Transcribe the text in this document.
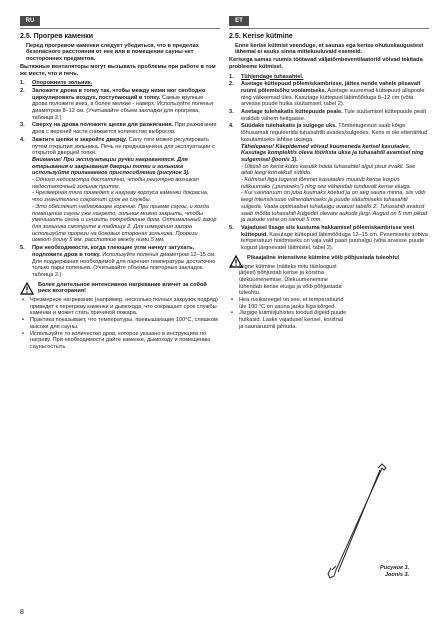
RU	ET

2.5. Прогрев каменки

Перед прогревом каменки следует убедиться, что в пределах безопасного расстояния от нее или в помещении сауны нет посторонних предметов.

Вытяжные вентиляторы могут вызывать проблемы при работе в том же месте, что и печь.

1. Опорожните зольник.
2. Заложите дрова в топку так, чтобы между ними мог свободно циркулировать воздух, поступающий в топку. Самые крупные дрова положите вниз, а более мелкие - наверх. Используйте поленья диаметром 8–12 см. (Учитывайте объем закладки для прогрева, таблица 2.)
3. Сверху на дрова положите щепки для разжигания. При разжигании дров с верхней части снижается количество выбросов.
4. Зажгите щепки и закройте дверцу. Силу тяги можно регулировать путем открытия зольника. Печь не предназначена для эксплуатации с открытой дверцей топки.
Внимание! При эксплуатации ручки нагреваются. Для открывания и закрывания дверцы топки и зольника используйте прилагаемое приспособление (рисунок 3).
- Одного недосмотра достаточно, чтобы регулярно возникал недостаточный зольник притяг.
- Чрезмерная тяга приведет к нагреву корпуса каменки докрасна, что значительно сократит срок ее службы.
- Это обеспечит надлежащее горение. При приеме сауны, и когда помещение сауны уже нагрето, зольник можно закрыть, чтобы уменьшить огонь и снизить потребление дров. Оптимальный зазор для зольника смотрите в таблице 2. Для измерения зазора используйте прорези на боковых сторонах зольника. Прорези имеют длину 5 мм, расстояние между ними 5 мм.
5. При необходимости, когда тлеющие угли начнут затухать, подложите дров в топку. Используйте поленья диаметром 12–15 см. Для поддержания необходимой для парения температуры достаточно только пары поленьев. (Учитывайте объемы повторных закладок, таблица 2.)
Более длительное интенсивное нагревание влечет за собой риск возгорания!
• Чрезмерное нагревание (например, несколько полных закрузок подряд) приведет к перегреву каменки и дымохода, что сокращает срок службы каменки и может стать причиной пожара.
• Практика показывает, что температуры, превышающие 100°C, слишком высоки для сауны.
• Используйте то количество дров, которое указано в инструкциях по нагреву. При необходимости дайте каменке, дымоходу и помещению сауны остыть.

2.5. Kerise kütmine

Enne kerise kütmist veenduge, et saunas ega kerise ohutuskaugustest lähemal ei asuks sinna mittekuuluvaid esemeid.

Kerisega samas ruumis töötavad väljatõmbeventilaatorid võivad tekitada probleeme kütmisel.

1. Tühjendage tuhasahtel.
2. Asetage küttepuud põlemiskambrisse, jättes nende vahele piisavalt ruumi põlemisõhu voolamiseks. Asetage suuremad küttepuud allapoole ning väiksemad üles. Kasutage küttepuid läbimõõduga 8–12 cm (võta arvesse puude hulka süütamisel, tabel 2).
3. Asetage tulehakatis küttepuude peale. Tule süütamisel küttepuude pealt eraldub vähem heitgaase.
4. Süüdake tulehakatis ja sulgege uks. Tõmbetugevust saab kõige tõhusamalt reguleerida tuhasahtlit avades/sulgedes. Keris ei ole ettenähtud kasutamiseks lahtise uksega.
Tähelepanu! Käepidemed võivad kuumeneda kerisel kasutades. Kasutage komplektis oleva tööriista ukse ja tuhasahtli avamisel ning sulgemisel (joonis 3).
- Ülitüsli on kerist kütes kasulik hoida tuhasahtel algul pisut irvakil. See aitab leegi korralikult süttida.
- Kütmisel liiga tugevat tõmmet kasutades muutub kerise korpus tulikuumaks („punaseks") ning see vähendab tunduvalt kerise eluiga.
- Kui saunaruum on juba kuumaks köetud ja on aeg sauna minna, siis võib leegi intensiivsuse vähendamiseks ja puude säästmiseks tuhasahtli sulgeda. Vaata optimaalset tuhaluugu avatust tabelis 2. Tuhasahtli avatust saab mõõta tuhasahtli külgedel olevate aukude järgi. Augud on 5 mm pikad ja aukude vahe on samuti 5 mm.
5. Vajadusel lisage siis kustuma hakkamisel põlemiskambrisse veel küttepuid. Kasutage küttepuid läbimõõduga 12–15 cm. Pesemiseks sobiva temperatuuri hoidmiseks on vaja vaid paari puuhalgu (võta arvesse puude kogust järgnevatel täitmistel, tabel 2).
Pikaajaline intensiivne kütmine võib põhjustada tuleohtu!
• Liigne kütmine (näiteks mitu täislaogust järjest) põhjustab kerise ja korstna ülekuumenemise. Ülekuumenemine lühendab kerise eluiga ja võib põhjustada tuleohtu.
• Hea rusikareegel on see, et temperatuurid üle 100 °C on sauna jaoks liiga kõrged.
• Järgige kütmisjuhistes toodud õigeid puude hulkasid. Laske vajadusel kerisel, korstnal ja saunaruumil jahtuda.
Рисунок 3.
Joonis 3.
8
